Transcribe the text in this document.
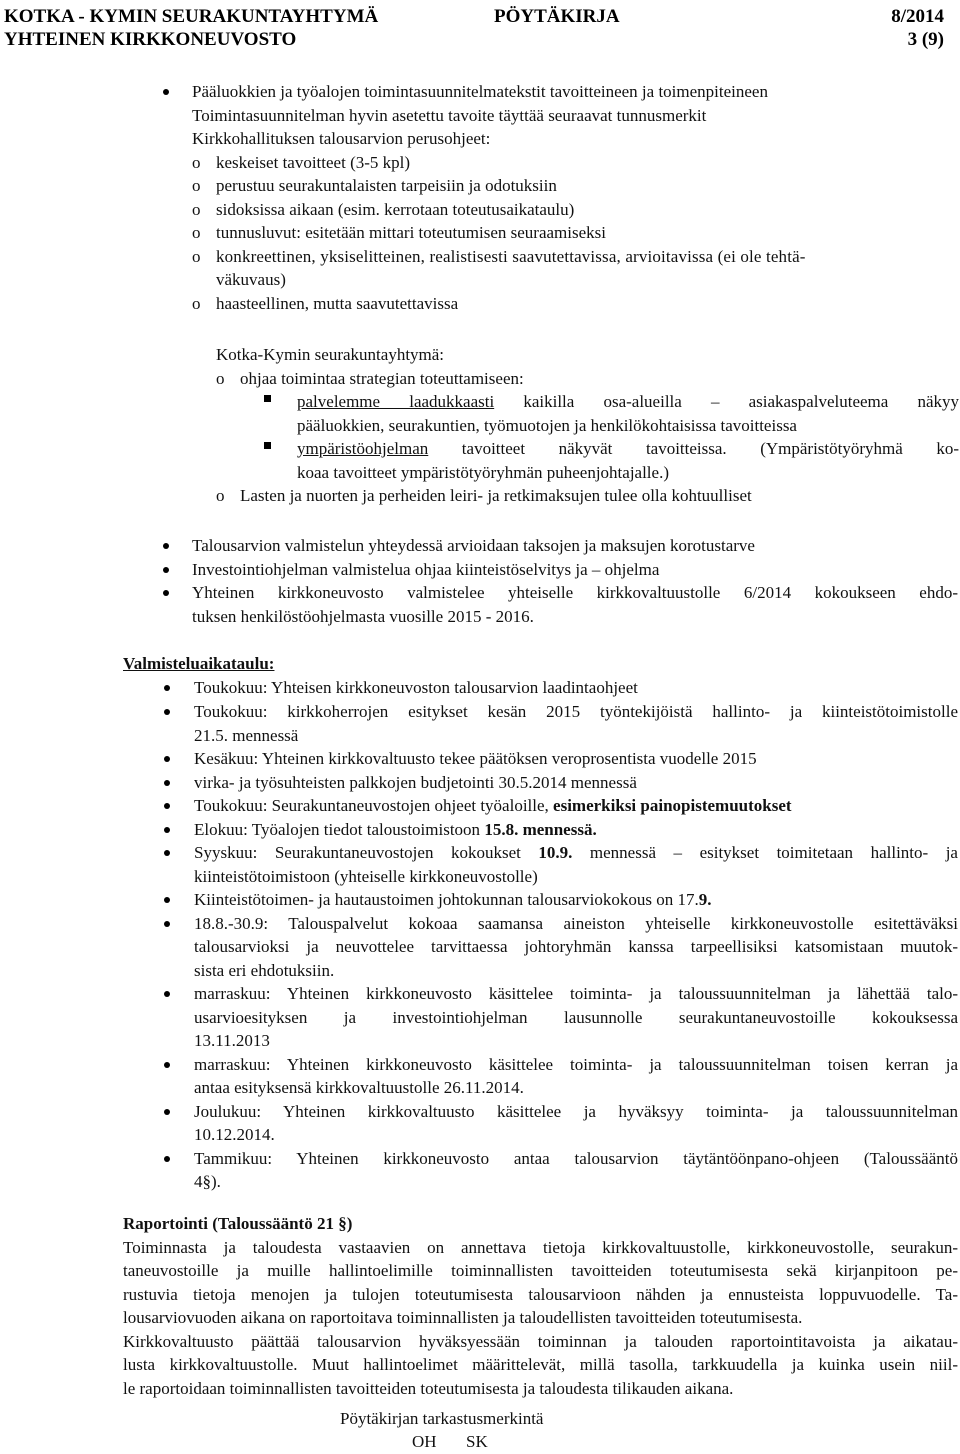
KOTKA - KYMIN SEURAKUNTAYHTYMÄ	PÖYTÄKIRJA	8/2014
YHTEINEN KIRKKONEUVOSTO	3 (9)
Pääluokkien ja työalojen toimintasuunnitelmatekstit tavoitteineen ja toimenpiteineen
Toimintasuunnitelman hyvin asetettu tavoite täyttää seuraavat tunnusmerkit
Kirkkohallituksen talousarvion perusohjeet:
o keskeiset tavoitteet (3-5 kpl)
o perustuu seurakuntalaisten tarpeisiin ja odotuksiin
o sidoksissa aikaan (esim. kerrotaan toteutusaikataulu)
o tunnusluvut: esitetään mittari toteutumisen seuraamiseksi
o konkreettinen, yksiselitteinen, realistisesti saavutettavissa, arvioitavissa (ei ole tehtä-
väkuvaus)
o haasteellinen, mutta saavutettavissa
Kotka-Kymin seurakuntayhtymä:
o ohjaa toimintaa strategian toteuttamiseen:
palvelemme laadukkaasti kaikilla osa-alueilla – asiakaspalveluteema näkyy
pääluokkien, seurakuntien, työmuotojen ja henkilökohtaisissa tavoitteissa
ympäristöohjelman tavoitteet näkyvät tavoitteissa. (Ympäristötyöryhmä ko-
koaa tavoitteet ympäristötyöryhmän puheenjohtajalle.)
o Lasten ja nuorten ja perheiden leiri- ja retkimaksujen tulee olla kohtuulliset
Talousarvion valmistelun yhteydessä arvioidaan taksojen ja maksujen korotustarve
Investointiohjelman valmistelua ohjaa kiinteistöselvitys ja – ohjelma
Yhteinen kirkkoneuvosto valmistelee yhteiselle kirkkovaltuustolle 6/2014 kokoukseen ehdo-
tuksen henkilöstöohjelmasta vuosille 2015 - 2016.
Valmisteluaikataulu:
Toukokuu: Yhteisen kirkkoneuvoston talousarvion laadintaohjeet
Toukokuu: kirkkoherrojen esitykset kesän 2015 työntekijöistä hallinto- ja kiinteistötoimistolle
21.5. mennessä
Kesäkuu: Yhteinen kirkkovaltuusto tekee päätöksen veroprosentista vuodelle 2015
virka- ja työsuhteisten palkkojen budjetointi 30.5.2014 mennessä
Toukokuu: Seurakuntaneuvostojen ohjeet työaloille, esimerkiksi painopistemuutokset
Elokuu: Työalojen tiedot taloustoimistoon 15.8. mennessä.
Syyskuu: Seurakuntaneuvostojen kokoukset 10.9. mennessä – esitykset toimitetaan hallinto- ja
kiinteistötoimistoon (yhteiselle kirkkoneuvostolle)
Kiinteistötoimen- ja hautaustoimen johtokunnan talousarviokokous on 17.9.
18.8.-30.9: Talouspalvelut kokoaa saamansa aineiston yhteiselle kirkkoneuvostolle esitettäväksi
talousarvioksi ja neuvottelee tarvittaessa johtoryhmän kanssa tarpeellisiksi katsomistaan muutok-
sista eri ehdotuksiin.
marraskuu: Yhteinen kirkkoneuvosto käsittelee toiminta- ja taloussuunnitelman ja lähettää talo-
usarvioesityksen ja investointiohjelman lausunnolle seurakuntaneuvostoille kokouksessa
13.11.2013
marraskuu: Yhteinen kirkkoneuvosto käsittelee toiminta- ja taloussuunnitelman toisen kerran ja
antaa esityksensä kirkkovaltuustolle 26.11.2014.
Joulukuu: Yhteinen kirkkovaltuusto käsittelee ja hyväksyy toiminta- ja taloussuunnitelman
10.12.2014.
Tammikuu: Yhteinen kirkkoneuvosto antaa talousarvion täytäntöönpano-ohjeen (Taloussääntö
4§).
Raportointi (Taloussääntö 21 §)
Toiminnasta ja taloudesta vastaavien on annettava tietoja kirkkovaltuustolle, kirkkoneuvostolle, seurakun-
taneuvostoille ja muille hallintoelimille toiminnallisten tavoitteiden toteutumisesta sekä kirjanpitoon pe-
rustuvia tietoja menojen ja tulojen toteutumisesta talousarvioon nähden ja ennusteista loppuvuodelle. Ta-
lousarviovuoden aikana on raportoitava toiminnallisten ja taloudellisten tavoitteiden toteutumisesta.
Kirkkovaltuusto päättää talousarvion hyväksyessään toiminnan ja talouden raportointitavoista ja aikatau-
lusta kirkkovaltuustolle. Muut hallintoelimet määrittelevät, millä tasolla, tarkkuudella ja kuinka usein niil-
le raportoidaan toiminnallisten tavoitteiden toteutumisesta ja taloudesta tilikauden aikana.
Pöytäkirjan tarkastusmerkintä
OH SK
